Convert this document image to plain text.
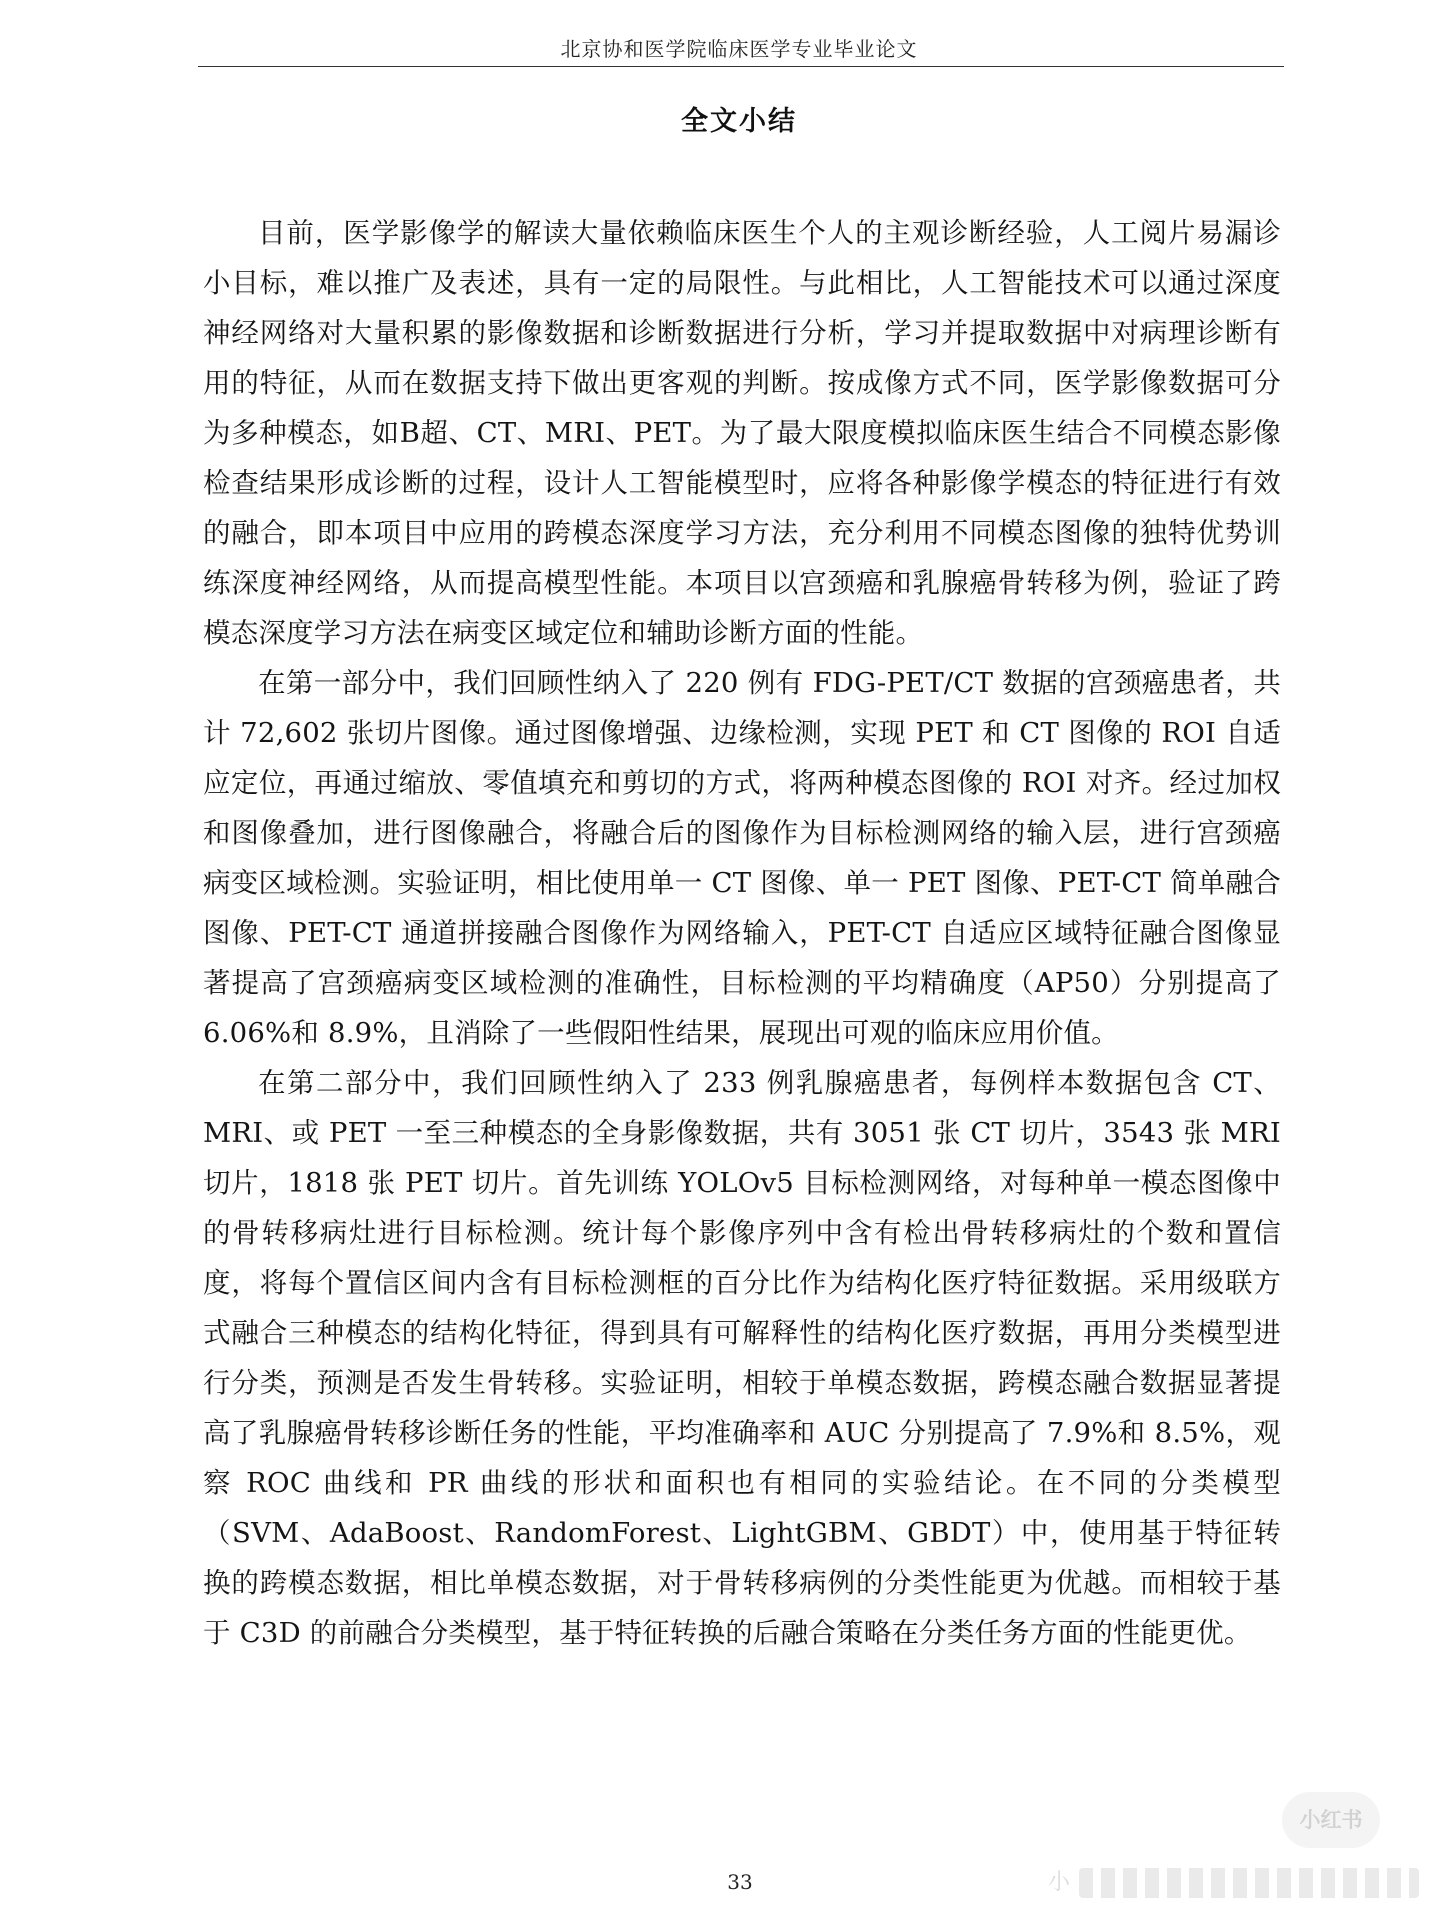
北京协和医学院临床医学专业毕业论文
全文小结

目前，医学影像学的解读大量依赖临床医生个人的主观诊断经验，人工阅片易漏诊小目标，难以推广及表述，具有一定的局限性。与此相比，人工智能技术可以通过深度神经网络对大量积累的影像数据和诊断数据进行分析，学习并提取数据中对病理诊断有用的特征，从而在数据支持下做出更客观的判断。按成像方式不同，医学影像数据可分为多种模态，如B超、CT、MRI、PET。为了最大限度模拟临床医生结合不同模态影像检查结果形成诊断的过程，设计人工智能模型时，应将各种影像学模态的特征进行有效的融合，即本项目中应用的跨模态深度学习方法，充分利用不同模态图像的独特优势训练深度神经网络，从而提高模型性能。本项目以宫颈癌和乳腺癌骨转移为例，验证了跨模态深度学习方法在病变区域定位和辅助诊断方面的性能。

在第一部分中，我们回顾性纳入了 220 例有 FDG-PET/CT 数据的宫颈癌患者，共计 72,602 张切片图像。通过图像增强、边缘检测，实现 PET 和 CT 图像的 ROI 自适应定位，再通过缩放、零值填充和剪切的方式，将两种模态图像的 ROI 对齐。经过加权和图像叠加，进行图像融合，将融合后的图像作为目标检测网络的输入层，进行宫颈癌病变区域检测。实验证明，相比使用单一 CT 图像、单一 PET 图像、PET-CT 简单融合图像、PET-CT 通道拼接融合图像作为网络输入，PET-CT 自适应区域特征融合图像显著提高了宫颈癌病变区域检测的准确性，目标检测的平均精确度（AP50）分别提高了 6.06%和 8.9%，且消除了一些假阳性结果，展现出可观的临床应用价值。

在第二部分中，我们回顾性纳入了 233 例乳腺癌患者，每例样本数据包含 CT、MRI、或 PET 一至三种模态的全身影像数据，共有 3051 张 CT 切片，3543 张 MRI 切片，1818 张 PET 切片。首先训练 YOLOv5 目标检测网络，对每种单一模态图像中的骨转移病灶进行目标检测。统计每个影像序列中含有检出骨转移病灶的个数和置信度，将每个置信区间内含有目标检测框的百分比作为结构化医疗特征数据。采用级联方式融合三种模态的结构化特征，得到具有可解释性的结构化医疗数据，再用分类模型进行分类，预测是否发生骨转移。实验证明，相较于单模态数据，跨模态融合数据显著提高了乳腺癌骨转移诊断任务的性能，平均准确率和 AUC 分别提高了 7.9%和 8.5%，观察 ROC 曲线和 PR 曲线的形状和面积也有相同的实验结论。在不同的分类模型（SVM、AdaBoost、RandomForest、LightGBM、GBDT）中，使用基于特征转换的跨模态数据，相比单模态数据，对于骨转移病例的分类性能更为优越。而相较于基于 C3D 的前融合分类模型，基于特征转换的后融合策略在分类任务方面的性能更优。

33
小红书
小
